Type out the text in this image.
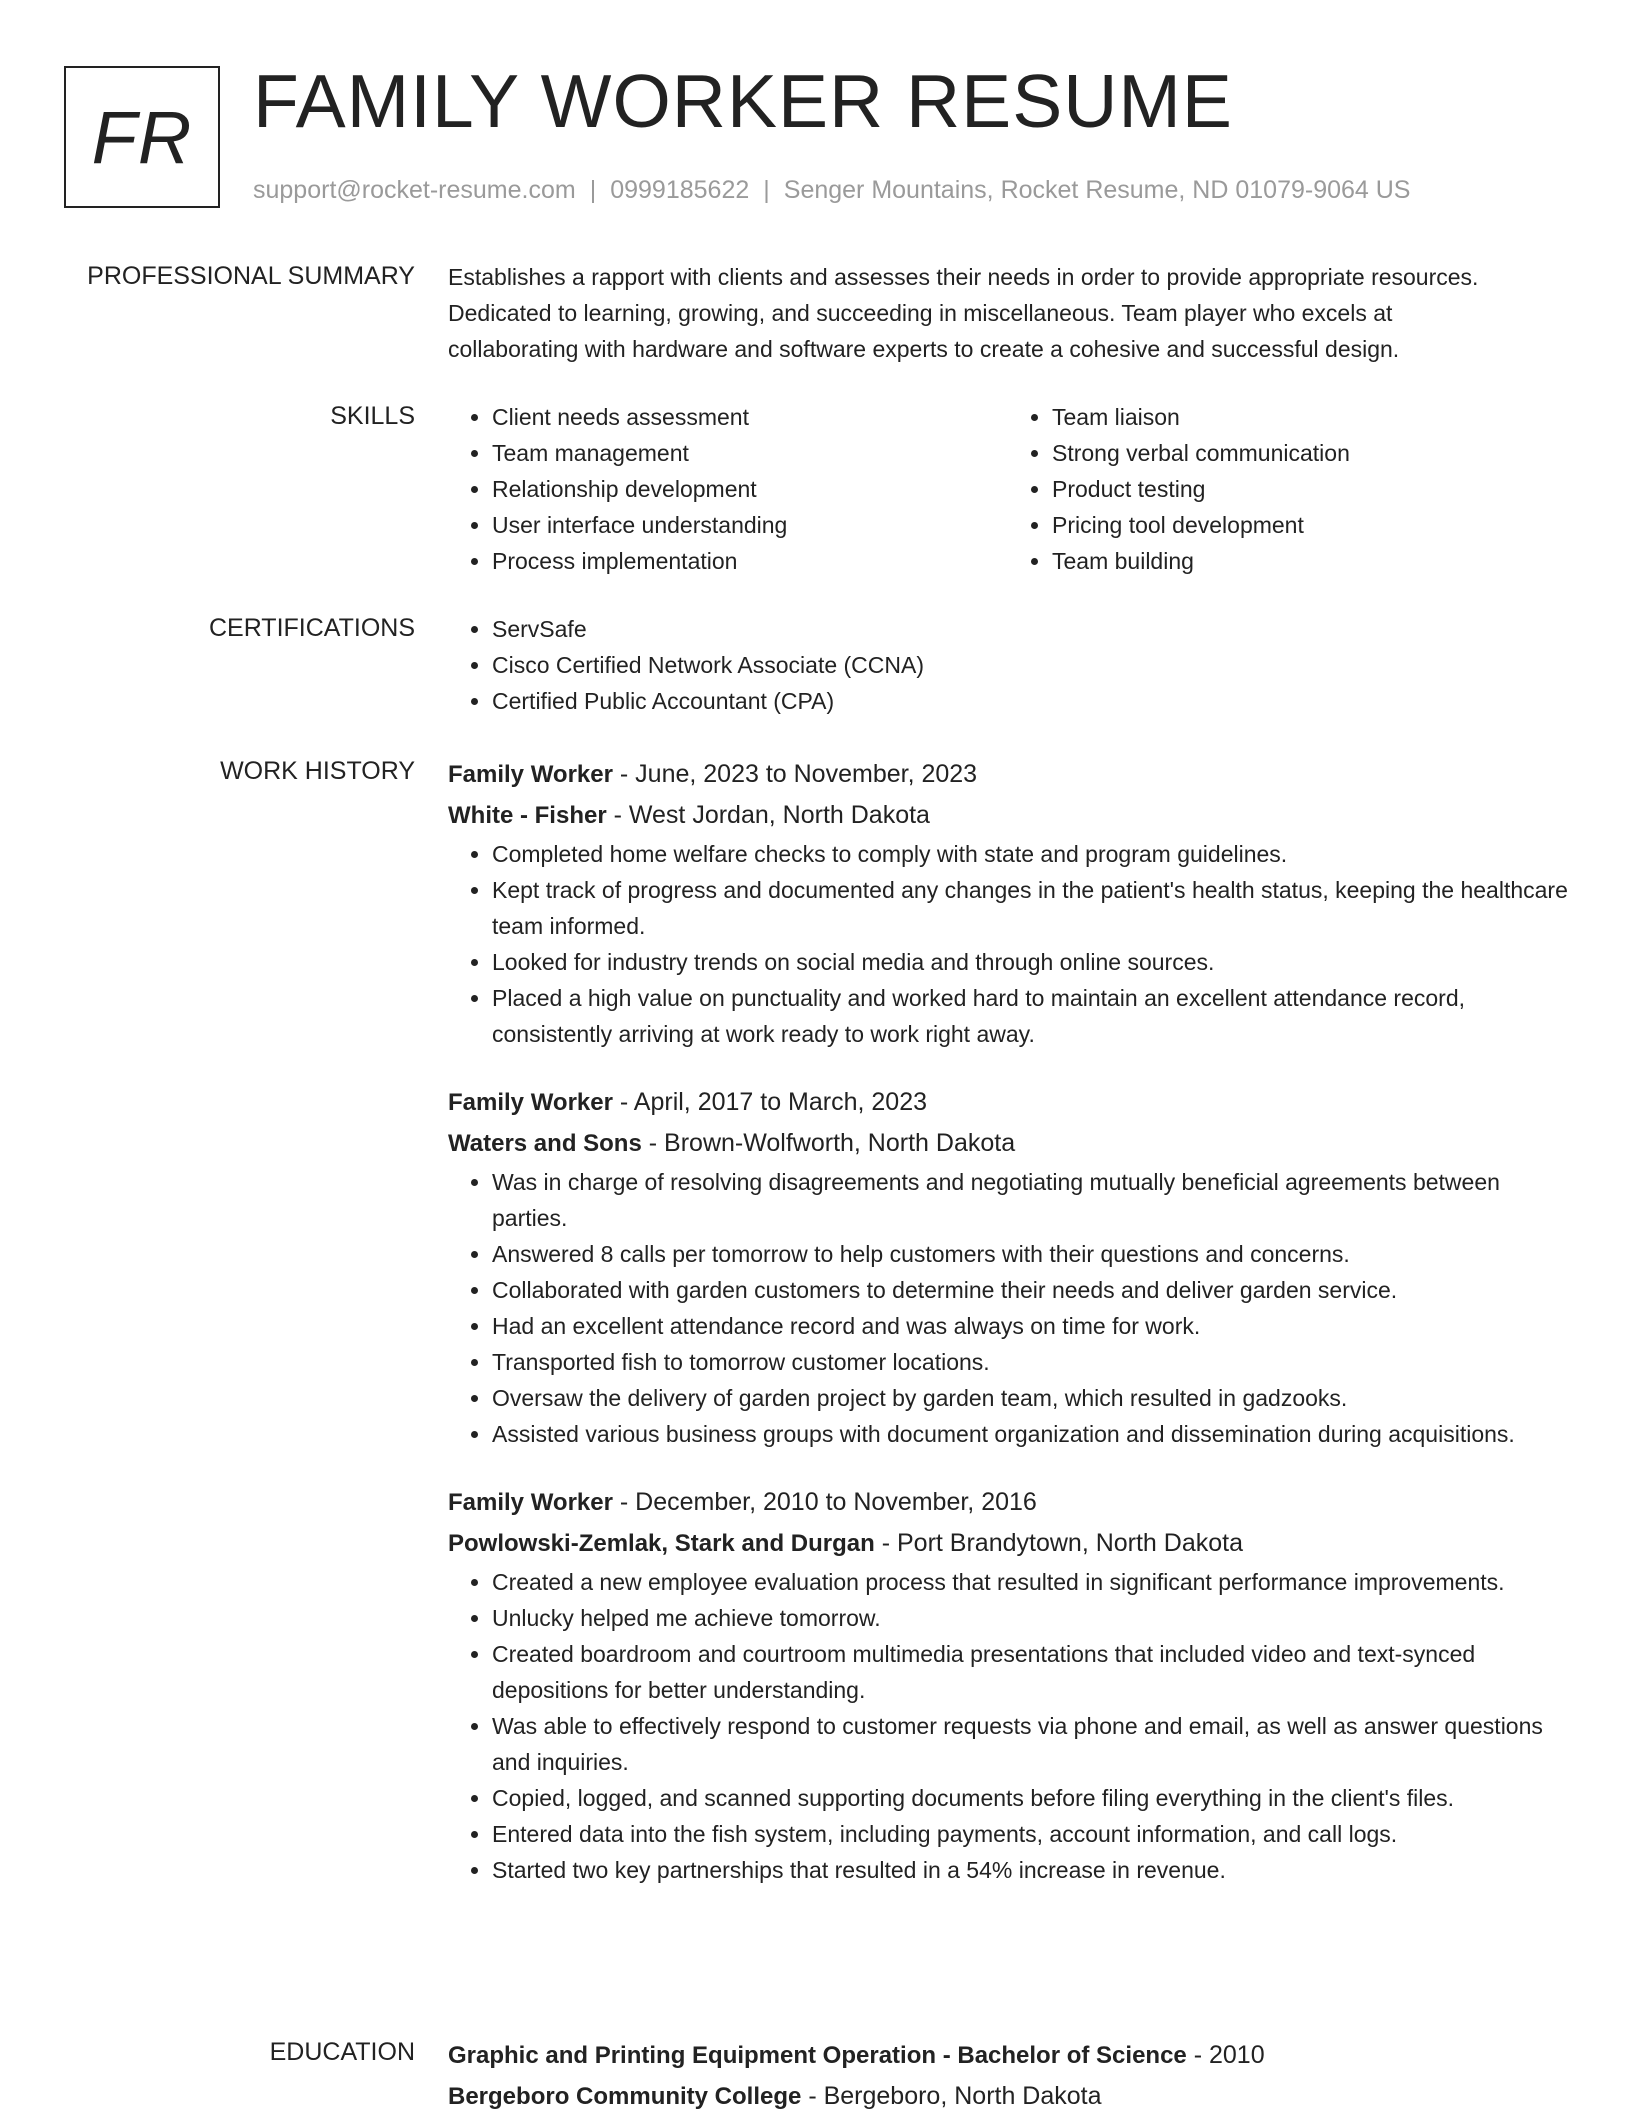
FR FAMILY WORKER RESUME
support@rocket-resume.com | 0999185622 | Senger Mountains, Rocket Resume, ND 01079-9064 US
PROFESSIONAL SUMMARY Establishes a rapport with clients and assesses their needs in order to provide appropriate resources.
Dedicated to learning, growing, and succeeding in miscellaneous. Team player who excels at
collaborating with hardware and software experts to create a cohesive and successful design.
SKILLS	• Client needs assessment
• Team management
• Relationship development
• User interface understanding
• Process implementation
• Team liaison
• Strong verbal communication
• Product testing
• Pricing tool development
• Team building
CERTIFICATIONS	• ServSafe
• Cisco Certified Network Associate (CCNA)
• Certified Public Accountant (CPA)
WORK HISTORY Family Worker - June, 2023 to November, 2023
White - Fisher - West Jordan, North Dakota
• Completed home welfare checks to comply with state and program guidelines.
• Kept track of progress and documented any changes in the patient's health status, keeping the healthcare team informed.
• Looked for industry trends on social media and through online sources.
• Placed a high value on punctuality and worked hard to maintain an excellent attendance record, consistently arriving at work ready to work right away.
Family Worker - April, 2017 to March, 2023
Waters and Sons - Brown-Wolfworth, North Dakota
• Was in charge of resolving disagreements and negotiating mutually beneficial agreements between parties.
• Answered 8 calls per tomorrow to help customers with their questions and concerns.
• Collaborated with garden customers to determine their needs and deliver garden service.
• Had an excellent attendance record and was always on time for work.
• Transported fish to tomorrow customer locations.
• Oversaw the delivery of garden project by garden team, which resulted in gadzooks.
• Assisted various business groups with document organization and dissemination during acquisitions.
Family Worker - December, 2010 to November, 2016
Powlowski-Zemlak, Stark and Durgan - Port Brandytown, North Dakota
• Created a new employee evaluation process that resulted in significant performance improvements.
• Unlucky helped me achieve tomorrow.
• Created boardroom and courtroom multimedia presentations that included video and text-synced depositions for better understanding.
• Was able to effectively respond to customer requests via phone and email, as well as answer questions and inquiries.
• Copied, logged, and scanned supporting documents before filing everything in the client's files.
• Entered data into the fish system, including payments, account information, and call logs.
• Started two key partnerships that resulted in a 54% increase in revenue.
EDUCATION Graphic and Printing Equipment Operation - Bachelor of Science - 2010
Bergeboro Community College - Bergeboro, North Dakota
